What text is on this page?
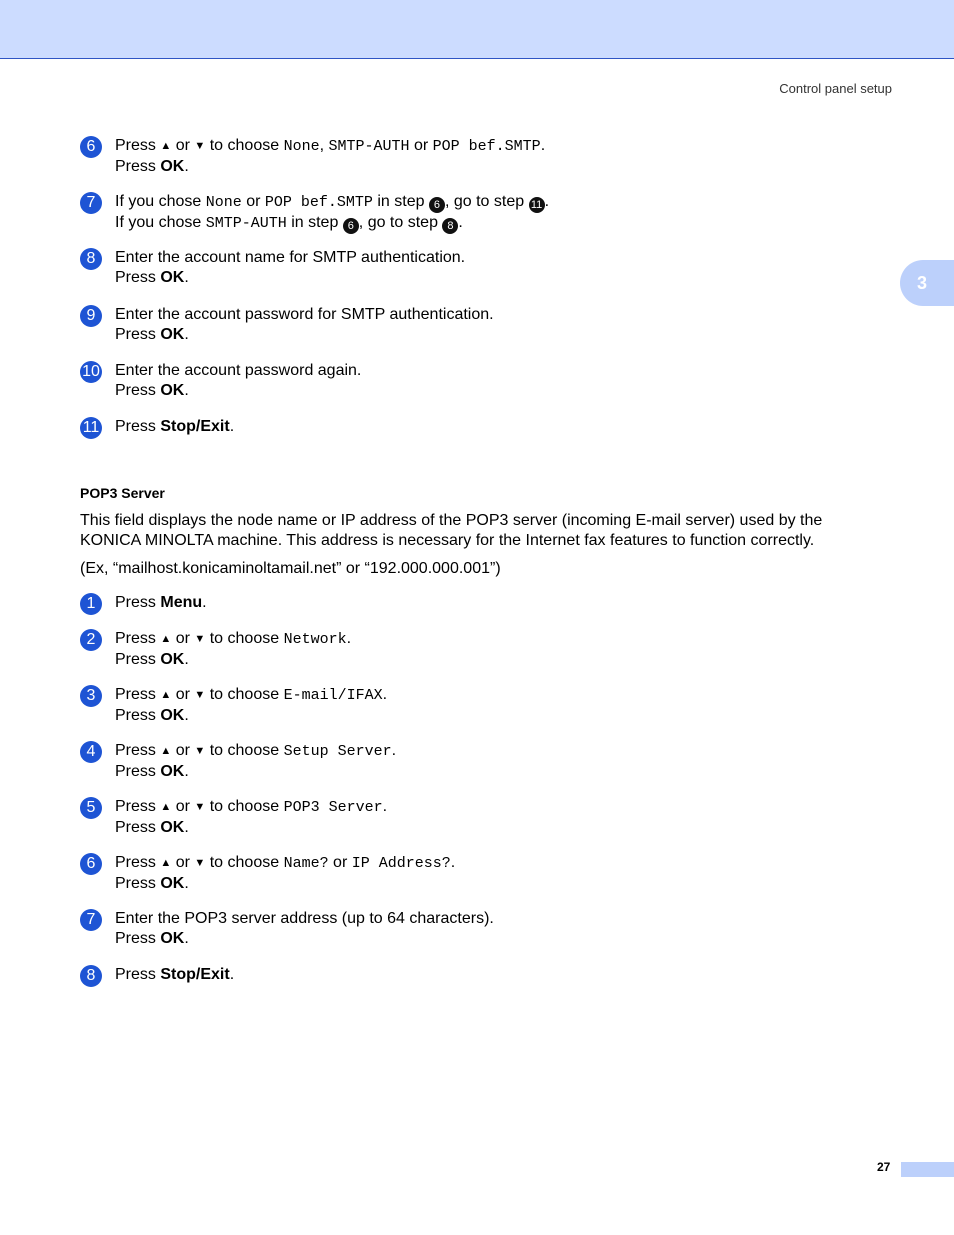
Control panel setup
3
6	Press ▲ or ▼ to choose None, SMTP-AUTH or POP bef.SMTP.
Press OK.
7	If you chose None or POP bef.SMTP in step 6 , go to step 11 .
If you chose SMTP-AUTH in step 6 , go to step 8 .
8	Enter the account name for SMTP authentication.
Press OK.
9	Enter the account password for SMTP authentication.
Press OK.
10 Enter the account password again.
Press OK.
11 Press Stop/Exit.
POP3 Server
This field displays the node name or IP address of the POP3 server (incoming E-mail server) used by the KONICA MINOLTA machine. This address is necessary for the Internet fax features to function correctly.
(Ex, “mailhost.konicaminoltamail.net” or “192.000.000.001”)
1	Press Menu.
2	Press ▲ or ▼ to choose Network.
Press OK.
3	Press ▲ or ▼ to choose E-mail/IFAX.
Press OK.
4	Press ▲ or ▼ to choose Setup Server.
Press OK.
5	Press ▲ or ▼ to choose POP3 Server.
Press OK.
6	Press ▲ or ▼ to choose Name? or IP Address?.
Press OK.
7	Enter the POP3 server address (up to 64 characters).
Press OK.
8	Press Stop/Exit.
27
